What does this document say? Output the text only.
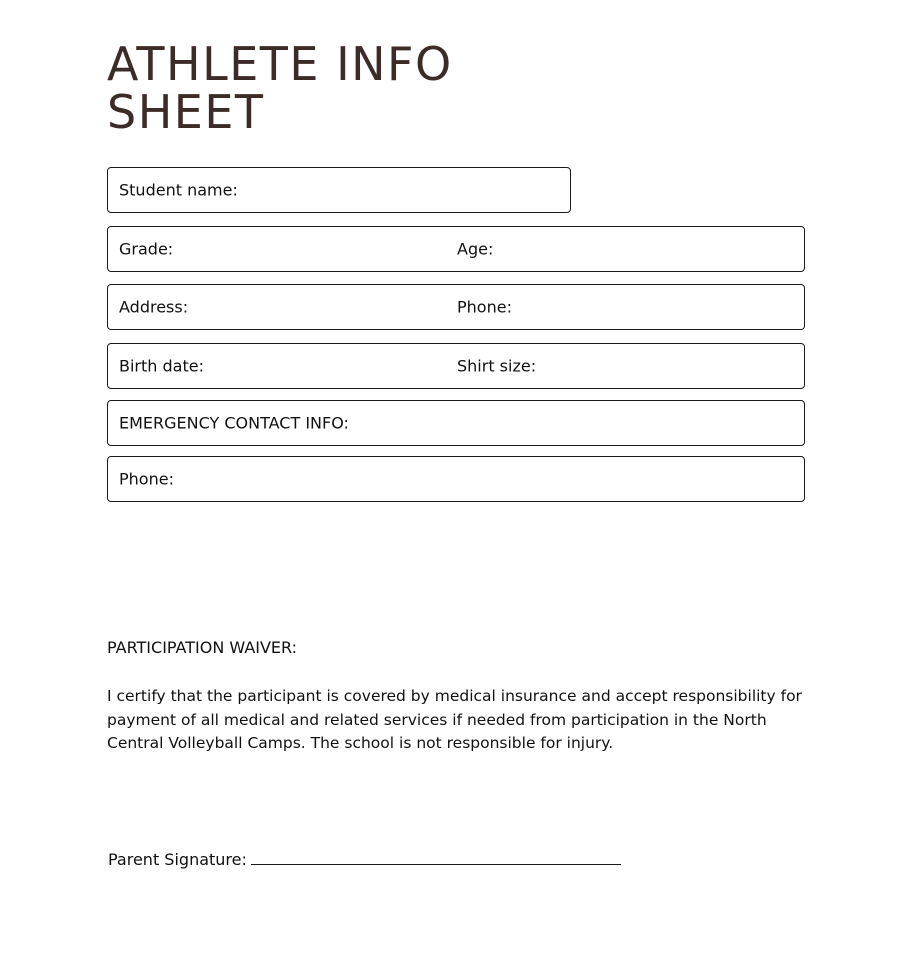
ATHLETE INFO
SHEET
Student name:
Grade:	Age:
Address:	Phone:
Birth date:	Shirt size:
EMERGENCY CONTACT INFO:
Phone:
PARTICIPATION WAIVER:

I certify that the participant is covered by medical insurance and accept responsibility for payment of all medical and related services if needed from participation in the North Central Volleyball Camps. The school is not responsible for injury.

Parent Signature:
